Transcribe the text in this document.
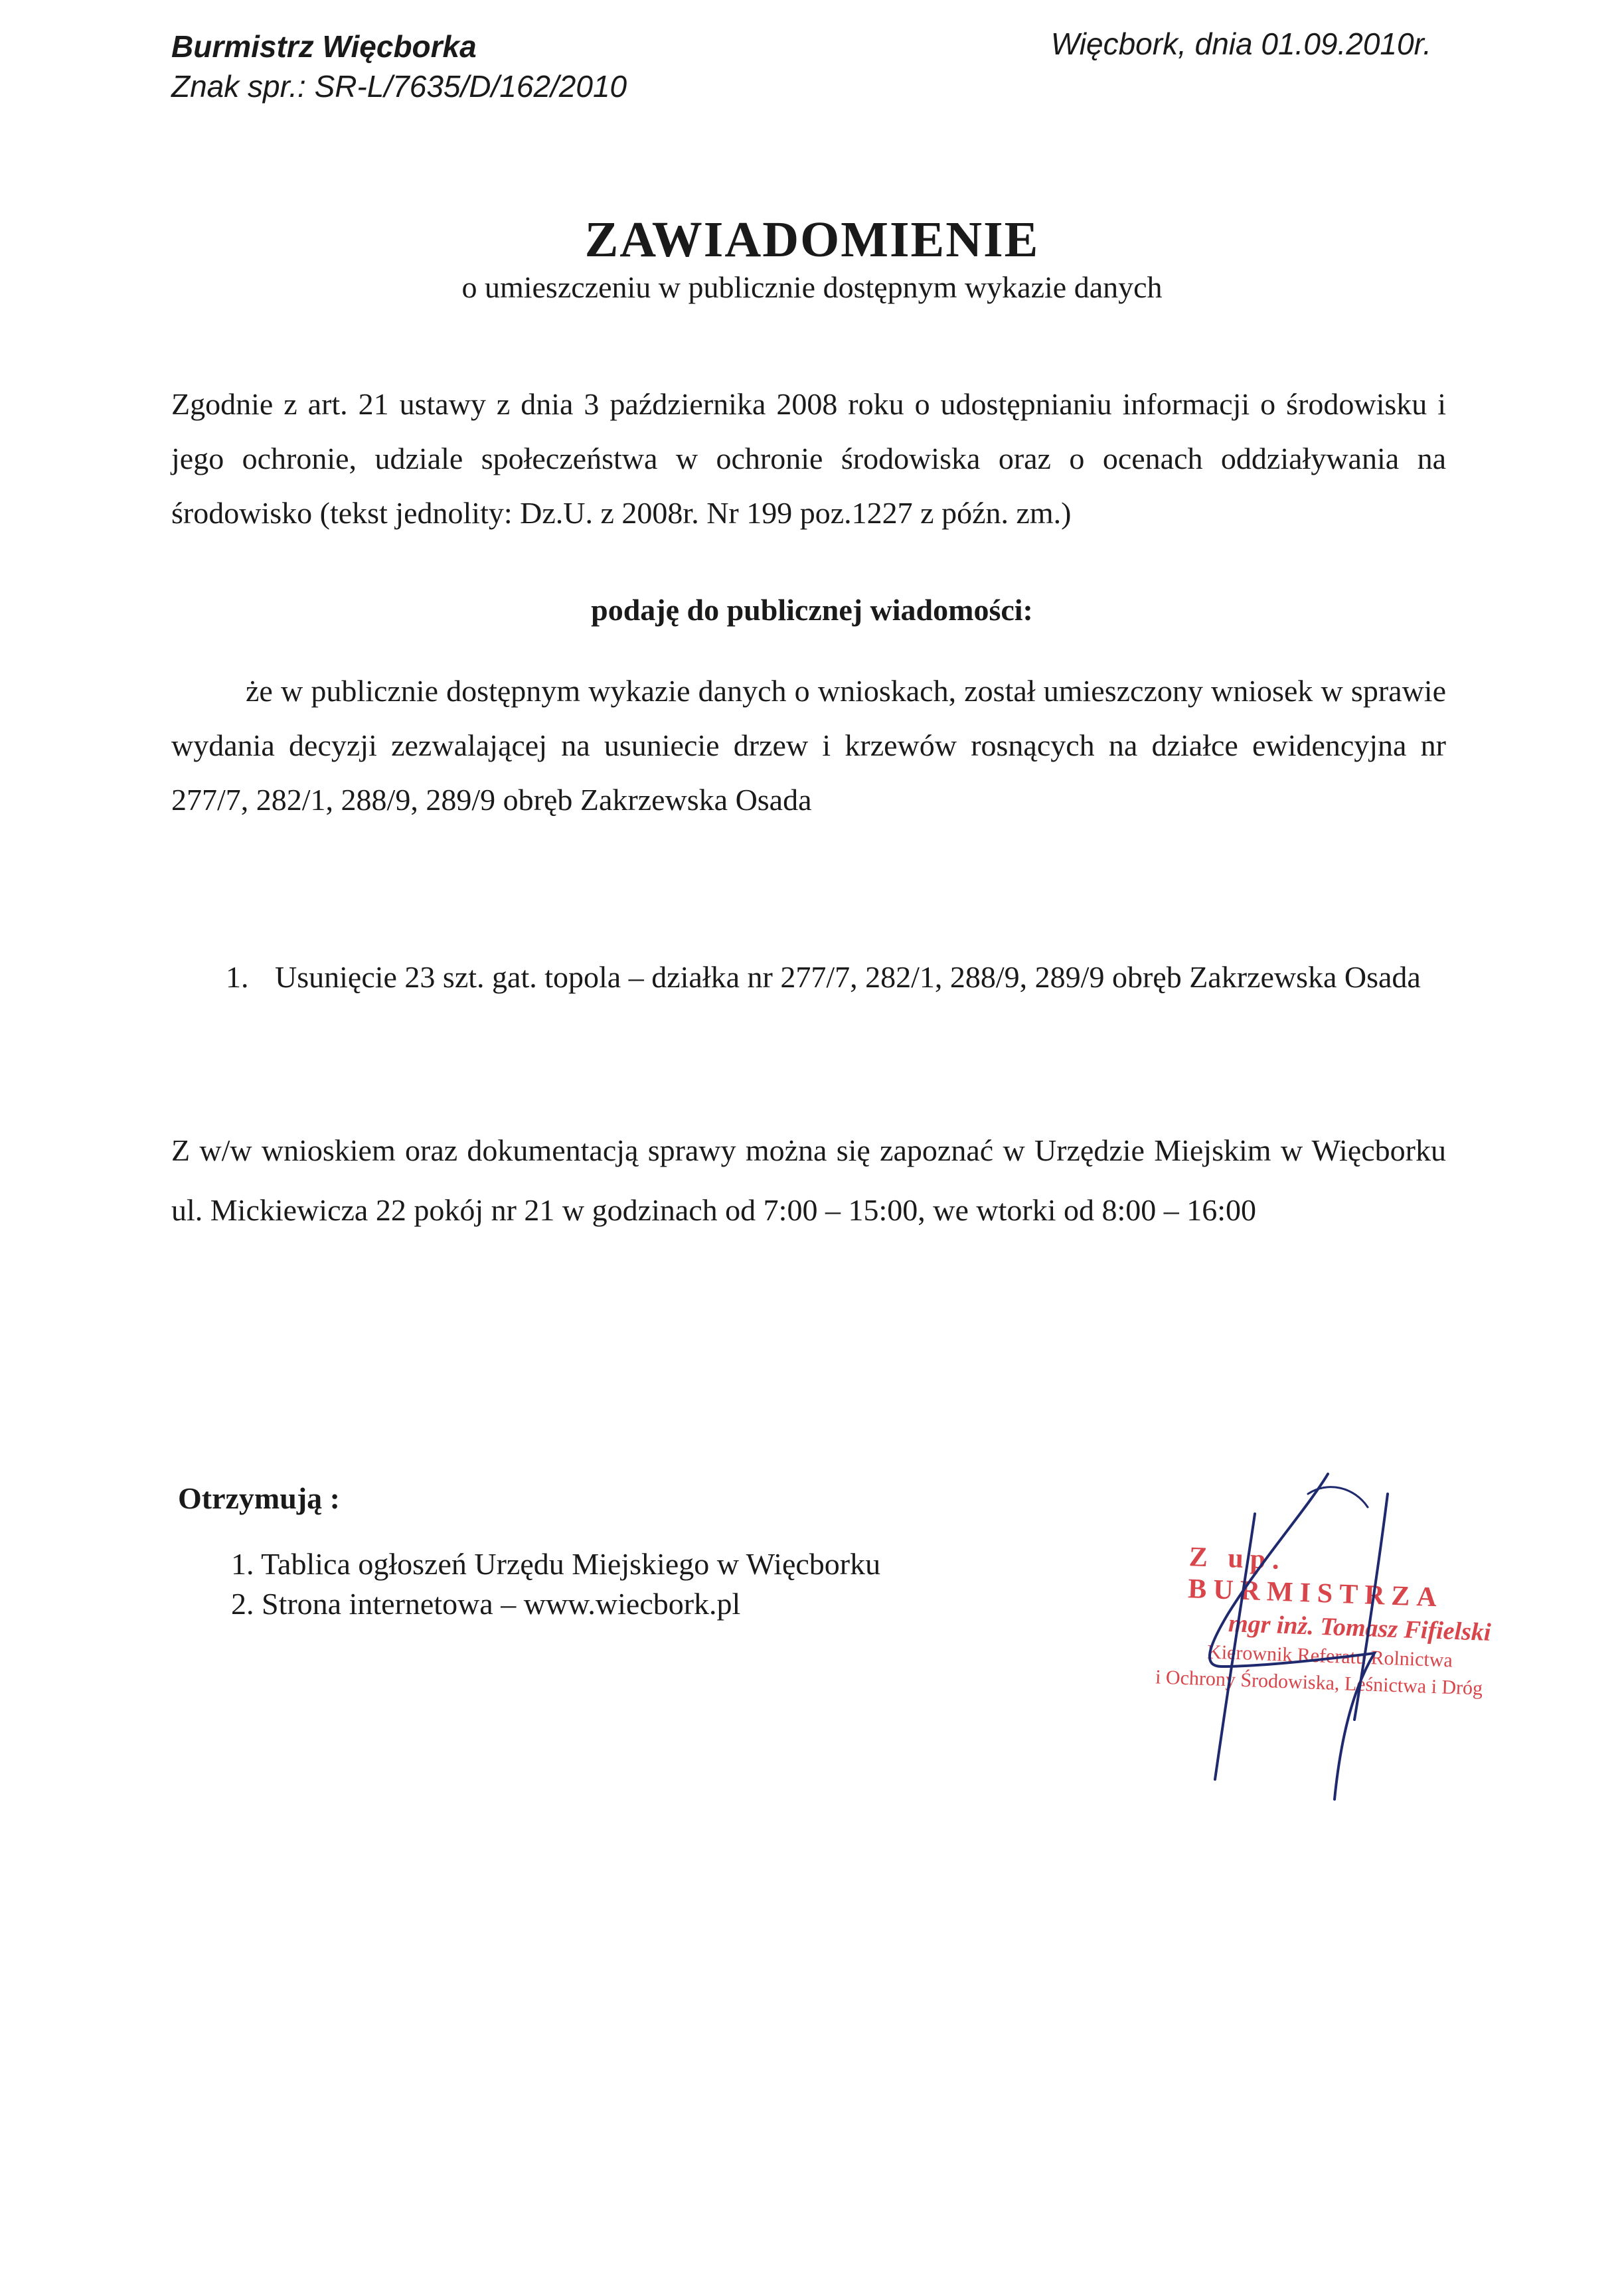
Burmistrz Więcborka
Znak spr.: SR-L/7635/D/162/2010
Więcbork, dnia 01.09.2010r.
ZAWIADOMIENIE
o umieszczeniu w publicznie dostępnym wykazie danych
Zgodnie z art. 21 ustawy z dnia 3 października 2008 roku o udostępnianiu informacji o środowisku i jego ochronie, udziale społeczeństwa w ochronie środowiska oraz o ocenach oddziaływania na środowisko (tekst jednolity: Dz.U. z 2008r. Nr 199 poz.1227 z późn. zm.)
podaję do publicznej wiadomości:
że w publicznie dostępnym wykazie danych o wnioskach, został umieszczony wniosek w sprawie wydania decyzji zezwalającej na usuniecie drzew i krzewów rosnących na działce ewidencyjna nr 277/7, 282/1, 288/9, 289/9 obręb Zakrzewska Osada
1. Usunięcie 23 szt. gat. topola – działka nr 277/7, 282/1, 288/9, 289/9 obręb Zakrzewska Osada
Z w/w wnioskiem oraz dokumentacją sprawy można się zapoznać w Urzędzie Miejskim w Więcborku ul. Mickiewicza 22 pokój nr 21 w godzinach od 7:00 – 15:00, we wtorki od 8:00 – 16:00
Otrzymują :
1. Tablica ogłoszeń Urzędu Miejskiego w Więcborku
2. Strona internetowa – www.wiecbork.pl
Z up. BURMISTRZA
mgr inż. Tomasz Fifielski
Kierownik Referatu Rolnictwa
i Ochrony Środowiska, Leśnictwa i Dróg
